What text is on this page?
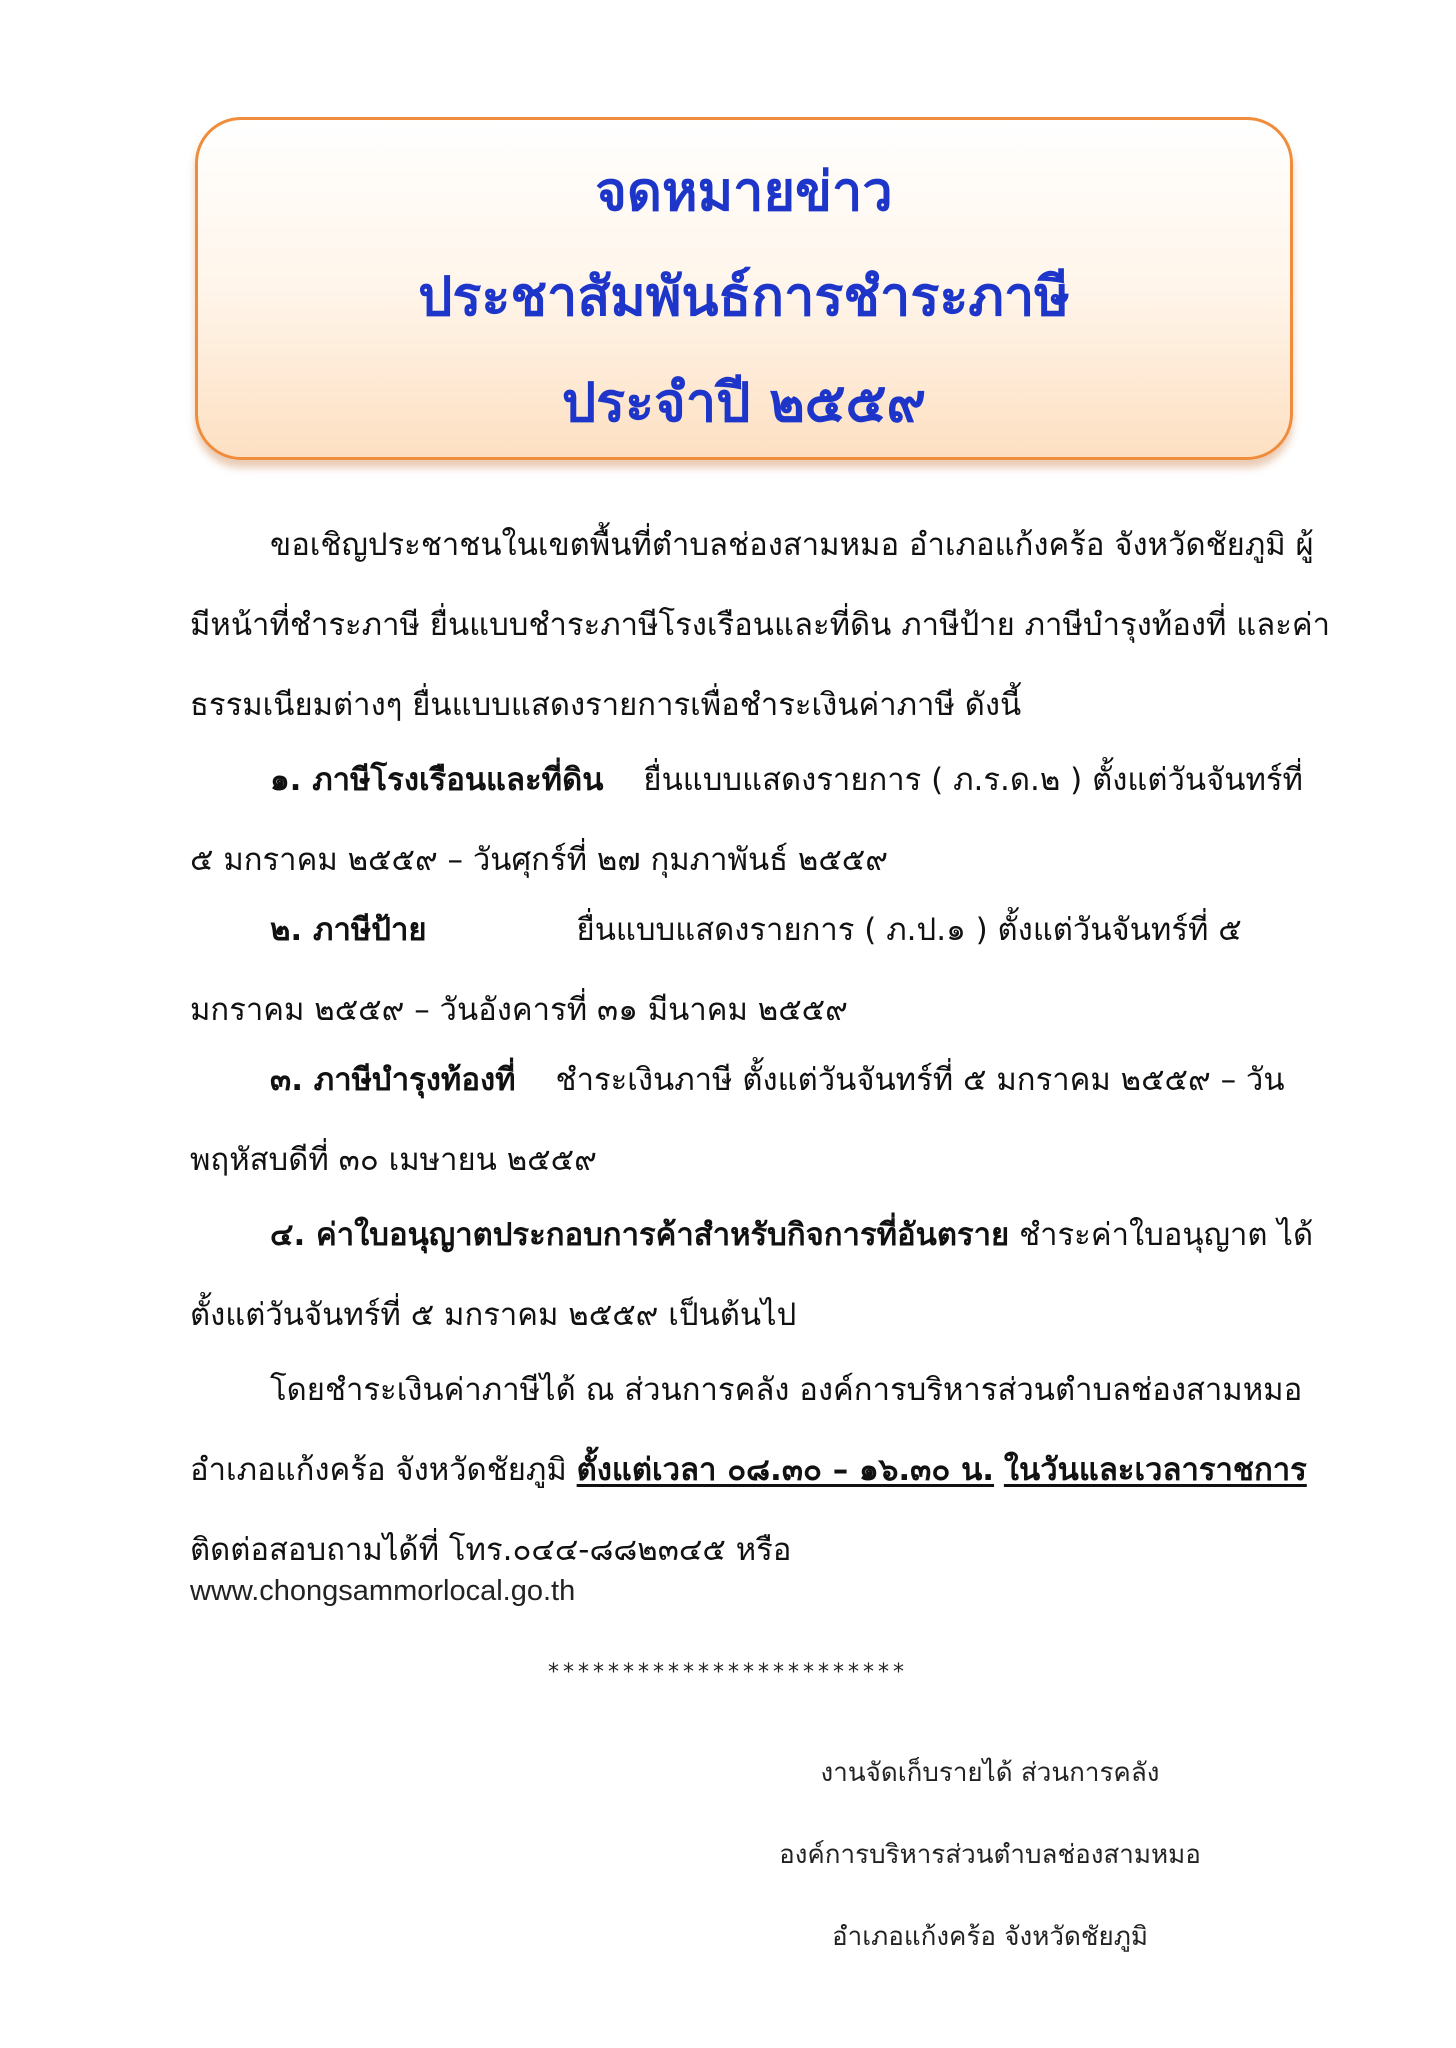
จดหมายข่าว
ประชาสัมพันธ์การชำระภาษี
ประจำปี ๒๕๕๙

ขอเชิญประชาชนในเขตพื้นที่ตำบลช่องสามหมอ อำเภอแก้งคร้อ จังหวัดชัยภูมิ ผู้มีหน้าที่ชำระภาษี ยื่นแบบชำระภาษีโรงเรือนและที่ดิน ภาษีป้าย ภาษีบำรุงท้องที่ และค่าธรรมเนียมต่างๆ ยื่นแบบแสดงรายการเพื่อชำระเงินค่าภาษี ดังนี้

๑. ภาษีโรงเรือนและที่ดิน ยื่นแบบแสดงรายการ ( ภ.ร.ด.๒ ) ตั้งแต่วันจันทร์ที่ ๕ มกราคม ๒๕๕๙ – วันศุกร์ที่ ๒๗ กุมภาพันธ์ ๒๕๕๙

๒. ภาษีป้าย	ยื่นแบบแสดงรายการ ( ภ.ป.๑ ) ตั้งแต่วันจันทร์ที่ ๕ มกราคม ๒๕๕๙ – วันอังคารที่ ๓๑ มีนาคม ๒๕๕๙

๓. ภาษีบำรุงท้องที่ ชำระเงินภาษี ตั้งแต่วันจันทร์ที่ ๕ มกราคม ๒๕๕๙ – วันพฤหัสบดีที่ ๓๐ เมษายน ๒๕๕๙

๔. ค่าใบอนุญาตประกอบการค้าสำหรับกิจการที่อันตราย ชำระค่าใบอนุญาต ได้ตั้งแต่วันจันทร์ที่ ๕ มกราคม ๒๕๕๙ เป็นต้นไป

โดยชำระเงินค่าภาษีได้ ณ ส่วนการคลัง องค์การบริหารส่วนตำบลช่องสามหมอ อำเภอแก้งคร้อ จังหวัดชัยภูมิ ตั้งแต่เวลา ๐๘.๓๐ – ๑๖.๓๐ น. ในวันและเวลาราชการ ติดต่อสอบถามได้ที่ โทร.๐๔๔-๘๘๒๓๔๕ หรือ

www.chongsammorlocal.go.th
************************
งานจัดเก็บรายได้ ส่วนการคลัง
องค์การบริหารส่วนตำบลช่องสามหมอ
อำเภอแก้งคร้อ จังหวัดชัยภูมิ
